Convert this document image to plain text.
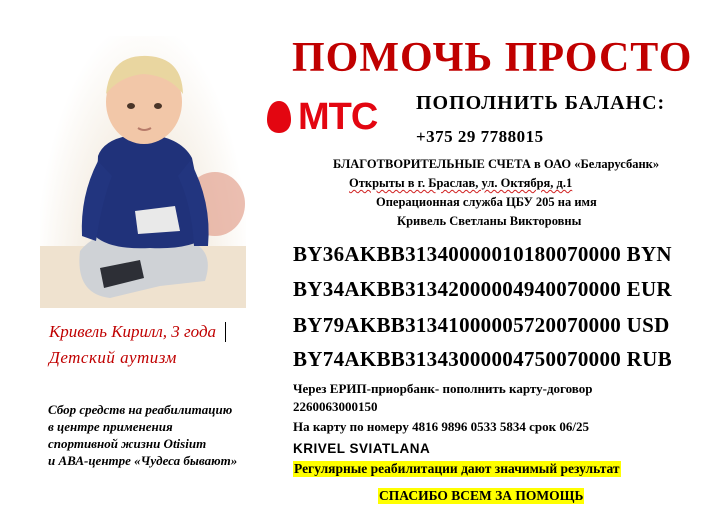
ПОМОЧЬ ПРОСТО
МТС ПОПОЛНИТЬ БАЛАНС:
+375 29 7788015
БЛАГОТВОРИТЕЛЬНЫЕ СЧЕТА в ОАО «Беларусбанк»
Открыты в г. Браслав, ул. Октября, д.1
Операционная служба ЦБУ 205 на имя
Кривель Светланы Викторовны
BY36AKBB31340000010180070000 BYN
BY34AKBB31342000004940070000 EUR
BY79AKBB31341000005720070000 USD
BY74AKBB31343000004750070000 RUB
Через ЕРИП-приорбанк- пополнить карту-договор
2260063000150
На карту по номеру 4816 9896 0533 5834 срок 06/25
KRIVEL SVIATLANA
Регулярные реабилитации дают значимый результат
СПАСИБО ВСЕМ ЗА ПОМОЩЬ
Кривель Кирилл, 3 года
Детский аутизм
Сбор средств на реабилитацию
в центре применения
спортивной жизни Otisium
и АВА-центре «Чудеса бывают»
